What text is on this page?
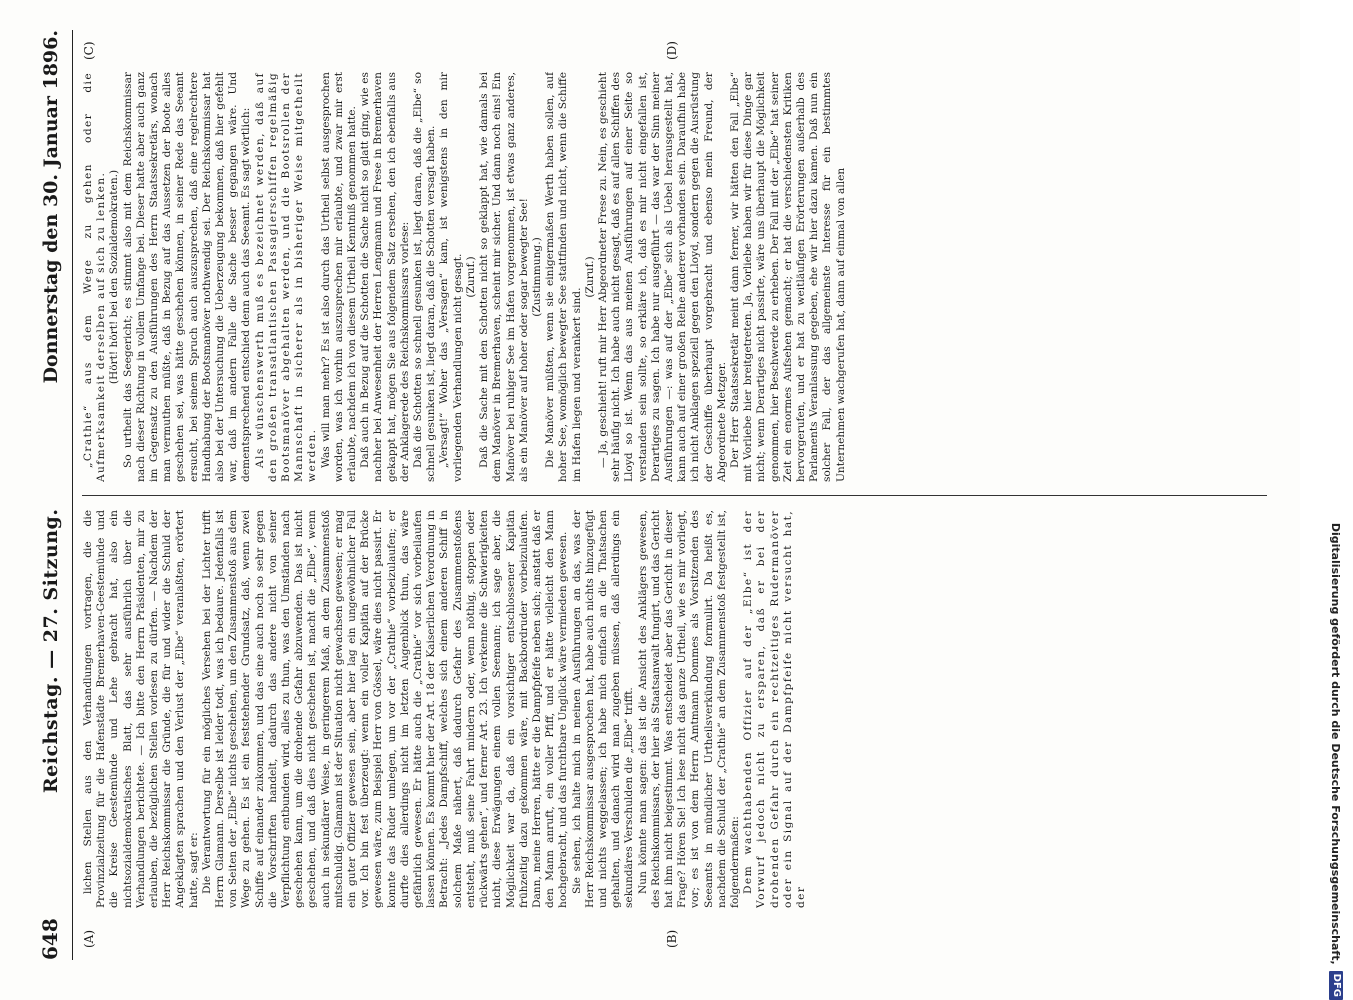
648
Reichstag. — 27. Sitzung.
Donnerstag den 30. Januar 1896.
(A)	(B)
(C)	(D)

lichen Stellen aus den Verhandlungen vortragen, die die Provinzialzeitung für die Hafenstädte Bremerhaven-Geestemünde und die Kreise Geestemünde und Lehe gebracht hat, also ein nichtsozialdemokratisches Blatt, das sehr ausführlich über die Verhandlungen berichtete. — Ich bitte den Herrn Präsidenten, mir zu erlauben, die bezüglichen Stellen vorlesen zu dürfen. — Nachdem der Herr Reichskommissar die Gründe, die für und wider die Schuld der Angeklagten sprachen und den Verlust der „Elbe“ veranlaßten, erörtert hatte, sagt er: Die Verantwortung für ein mögliches Versehen bei der Lichter trifft Herrn Glamann. Derselbe ist leider todt, was ich bedaure. Jedenfalls ist von Seiten der „Elbe“ nichts geschehen, um den Zusammenstoß aus dem Wege zu gehen. Es ist ein feststehender Grundsatz, daß, wenn zwei Schiffe auf einander zukommen, und das eine auch noch so sehr gegen die Vorschriften handelt, dadurch das andere nicht von seiner Verpflichtung entbunden wird, alles zu thun, was den Umständen nach geschehen kann, um die drohende Gefahr abzuwenden. Das ist nicht geschehen, und daß dies nicht geschehen ist, macht die „Elbe“, wenn auch in sekundärer Weise, in geringerem Maß, an dem Zusammenstoß mitschuldig. Glamann ist der Situation nicht gewachsen gewesen; er mag ein guter Offizier gewesen sein, aber hier lag ein ungewöhnlicher Fall vor. Ich bin fest überzeugt: wenn ein voller Kapitän auf der Brücke gewesen wäre, zum Beispiel Herr von Gössel, wäre dies nicht passirt. Er konnte das Ruder umlegen, um vor der „Crathie“ vorbeizulaufen; er durfte dies allerdings nicht im letzten Augenblick thun, das wäre gefährlich gewesen. Er hätte auch die „Crathie“ vor sich vorbeilaufen lassen können. Es kommt hier der Art. 18 der Kaiserlichen Verordnung in Betracht: „Jedes Dampfschiff, welches sich einem anderen Schiff in solchem Maße nähert, daß dadurch Gefahr des Zusammenstoßens entsteht, muß seine Fahrt mindern oder, wenn nöthig, stoppen oder rückwärts gehen“, und ferner Art. 23. Ich verkenne die Schwierigkeiten nicht, diese Erwägungen einem vollen Seemann; ich sage aber, die Möglichkeit war da, daß ein vorsichtiger entschlossener Kapitän frühzeitig dazu gekommen wäre, mit Backbordruder vorbeizulaufen. Dann, meine Herren, hätte er die Dampfpfeife neben sich; anstatt daß er den Mann anruft, ein voller Pfiff, und er hätte vielleicht den Mann hochgebracht, und das furchtbare Unglück wäre vermieden gewesen. Sie sehen, ich halte mich in meinen Ausführungen an das, was der Herr Reichskommissar ausgesprochen hat, habe auch nichts hinzugefügt und nichts weggelassen; ich habe mich einfach an die Thatsachen gehalten, und danach wird man zugeben müssen, daß allerdings ein sekundäres Verschulden die „Elbe“ trifft. Nun könnte man sagen: das ist die Ansicht des Anklägers gewesen, des Reichskommissars, der hier als Staatsanwalt fungirt, und das Gericht hat ihm nicht beigestimmt. Was entscheidet aber das Gericht in dieser Frage? Hören Sie! Ich lese nicht das ganze Urtheil, wie es mir vorliegt, vor; es ist von dem Herrn Amtmann Dommes als Vorsitzenden des Seeamts in mündlicher Urtheilsverkündung formulirt. Da heißt es, nachdem die Schuld der „Crathie“ an dem Zusammenstoß festgestellt ist, folgendermaßen: Dem wachthabenden Offizier auf der „Elbe“ ist der Vorwurf jedoch nicht zu ersparen, daß er bei der drohenden Gefahr durch ein rechtzeitiges Rudermanöver oder ein Signal auf der Dampfpfeife nicht versucht hat, der

„Crathie“ aus dem Wege zu gehen oder die Aufmerksamkeit derselben auf sich zu lenken. (Hört! hört! bei den Sozialdemokraten.) So urtheilt das Seegericht; es stimmt also mit dem Reichskommissar nach dieser Richtung in vollem Umfange bei. Dieser hatte aber auch ganz im Gegensatz zu den Ausführungen des Herrn Staatssekretärs, wonach man vermuthen müßte, daß in Bezug auf das Aussetzen der Boote alles geschehen sei, was hätte geschehen können, in seiner Rede das Seeamt ersucht, bei seinem Spruch auch auszusprechen, daß eine regelrechtere Handhabung der Bootsmanöver nothwendig sei. Der Reichskommissar hat also bei der Untersuchung die Ueberzeugung bekommen, daß hier gefehlt war, daß im andern Falle die Sache besser gegangen wäre. Und dementsprechend entschied denn auch das Seeamt. Es sagt wörtlich: Als wünschenswerth muß es bezeichnet werden, daß auf den großen transatlantischen Passagierschiffen regelmäßig Bootsmanöver abgehalten werden, und die Bootsrollen der Mannschaft in sicherer als in bisheriger Weise mitgetheilt werden. Was will man mehr? Es ist also durch das Urtheil selbst ausgesprochen worden, was ich vorhin auszusprechen mir erlaubte, und zwar mir erst erlaubte, nachdem ich von diesem Urtheil Kenntniß genommen hatte. Daß auch in Bezug auf die Schotten die Sache nicht so glatt ging, wie es nachher bei Anwesenheit der Herren Lengmann und Frese in Bremerhaven gekappt hat, mögen Sie aus folgendem Satz ersehen, den ich ebenfalls aus der Anklagerede des Reichskommissars vorlese: Daß die Schotten so schnell gesunken ist, liegt daran, daß die „Elbe“ so schnell gesunken ist, liegt daran, daß die Schotten versagt haben. „Versagt!“ Woher das „Versagen“ kam, ist wenigstens in den mir vorliegenden Verhandlungen nicht gesagt. (Zuruf.) Daß die Sache mit den Schotten nicht so geklappt hat, wie damals bei dem Manöver in Bremerhaven, scheint mir sicher. Und dann noch eins! Ein Manöver bei ruhiger See im Hafen vorgenommen, ist etwas ganz anderes, als ein Manöver auf hoher oder sogar bewegter See! (Zustimmung.) Die Manöver müßten, wenn sie einigermaßen Werth haben sollen, auf hoher See, womöglich bewegter See stattfinden und nicht, wenn die Schiffe im Hafen liegen und verankert sind.

(Zuruf.) — Ja, geschieht! ruft mir Herr Abgeordneter Frese zu. Nein, es geschieht sehr häufig nicht. Ich habe auch nicht gesagt, daß es auf allen Schiffen des Lloyd so ist. Wenn das aus meinen Ausführungen auf einer Seite so verstanden sein sollte, so erkläre ich, daß es mir nicht eingefallen ist, Derartiges zu sagen. Ich habe nur ausgeführt — das war der Sinn meiner Ausführungen —: was auf der „Elbe“ sich als Uebel herausgestellt hat, kann auch auf einer großen Reihe anderer vorhanden sein. Daraufhin habe ich nicht Anklagen speziell gegen den Lloyd, sondern gegen die Ausrüstung der Geschiffe überhaupt vorgebracht und ebenso mein Freund, der Abgeordnete Metzger. Der Herr Staatssekretär meint dann ferner, wir hätten den Fall „Elbe“ mit Vorliebe hier breitgetreten. Ja, Vorliebe haben wir für diese Dinge gar nicht; wenn Derartiges nicht passirte, wäre uns überhaupt die Möglichkeit genommen, hier Beschwerde zu erheben. Der Fall mit der „Elbe“ hat seiner Zeit ein enormes Aufsehen gemacht; er hat die verschiedensten Kritiken hervorgerufen, und er hat zu weitläufigen Erörterungen außerhalb des Parlaments Veranlassung gegeben, ehe wir hier dazu kamen. Daß nun ein solcher Fall, der das allgemeinste Interesse für ein bestimmtes Unternehmen wachgerufen hat, dann auf einmal von allen

Digitalisierung gefördert durch die Deutsche Forschungsgemeinschaft,
DFG
